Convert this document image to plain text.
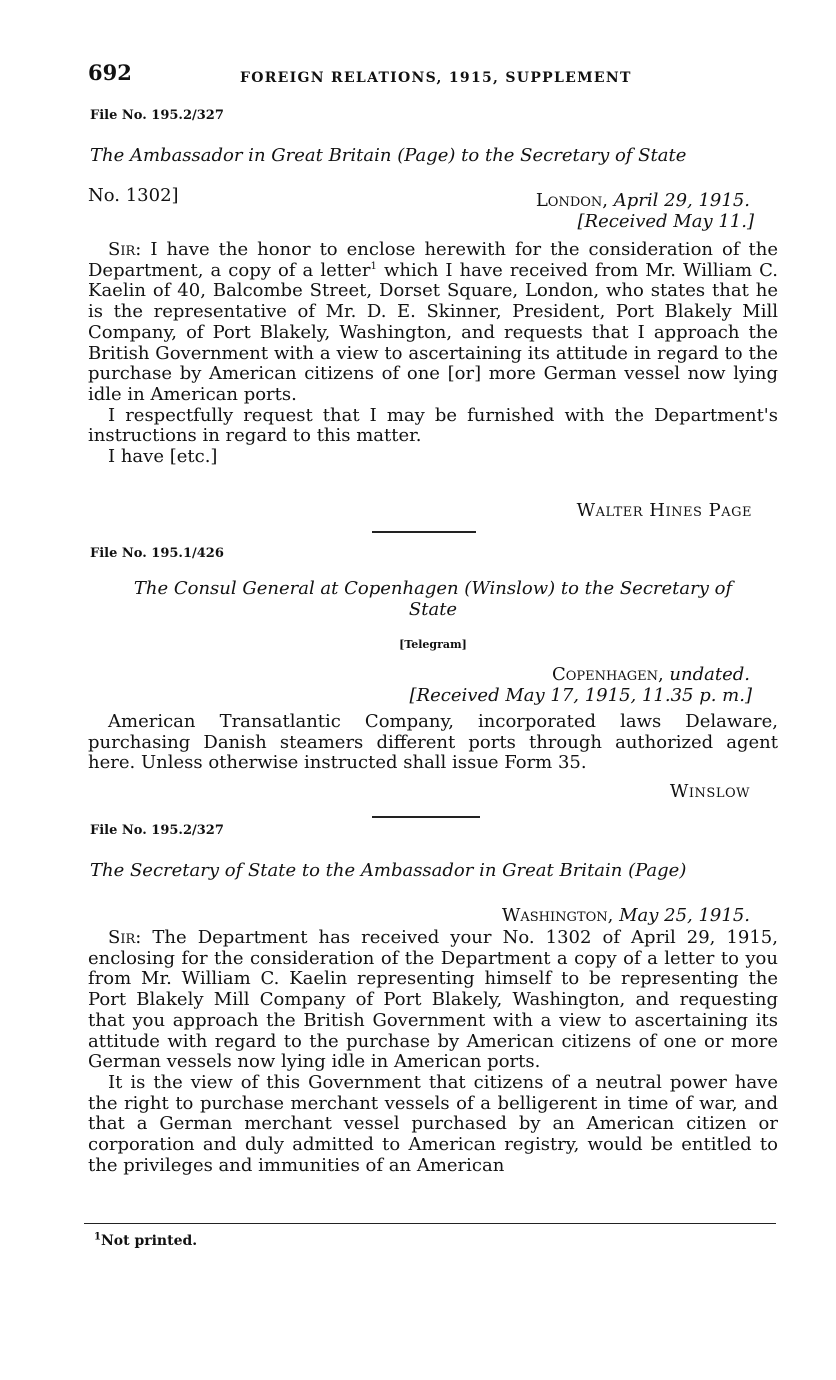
692	FOREIGN RELATIONS, 1915, SUPPLEMENT
File No. 195.2/327
The Ambassador in Great Britain (Page) to the Secretary of State
No. 1302]	London, April 29, 1915.
[Received May 11.]

Sir: I have the honor to enclose herewith for the consideration of the Department, a copy of a letter$^1$ which I have received from Mr. William C. Kaelin of 40, Balcombe Street, Dorset Square, London, who states that he is the representative of Mr. D. E. Skinner, President, Port Blakely Mill Company, of Port Blakely, Washington, and requests that I approach the British Government with a view to ascertaining its attitude in regard to the purchase by American citizens of one [or] more German vessel now lying idle in American ports.

I respectfully request that I may be furnished with the Department's instructions in regard to this matter.

I have [etc.]

Walter Hines Page
File No. 195.1/426
The Consul General at Copenhagen (Winslow) to the Secretary of
State
[Telegram]
Copenhagen, undated.
[Received May 17, 1915, 11.35 p. m.]

American Transatlantic Company, incorporated laws Delaware, purchasing Danish steamers different ports through authorized agent here. Unless otherwise instructed shall issue Form 35.

Winslow
File No. 195.2/327
The Secretary of State to the Ambassador in Great Britain (Page)
Washington, May 25, 1915.

Sir: The Department has received your No. 1302 of April 29, 1915, enclosing for the consideration of the Department a copy of a letter to you from Mr. William C. Kaelin representing himself to be representing the Port Blakely Mill Company of Port Blakely, Washington, and requesting that you approach the British Government with a view to ascertaining its attitude with regard to the purchase by American citizens of one or more German vessels now lying idle in American ports.

It is the view of this Government that citizens of a neutral power have the right to purchase merchant vessels of a belligerent in time of war, and that a German merchant vessel purchased by an American citizen or corporation and duly admitted to American registry, would be entitled to the privileges and immunities of an American

$^1$Not printed.
